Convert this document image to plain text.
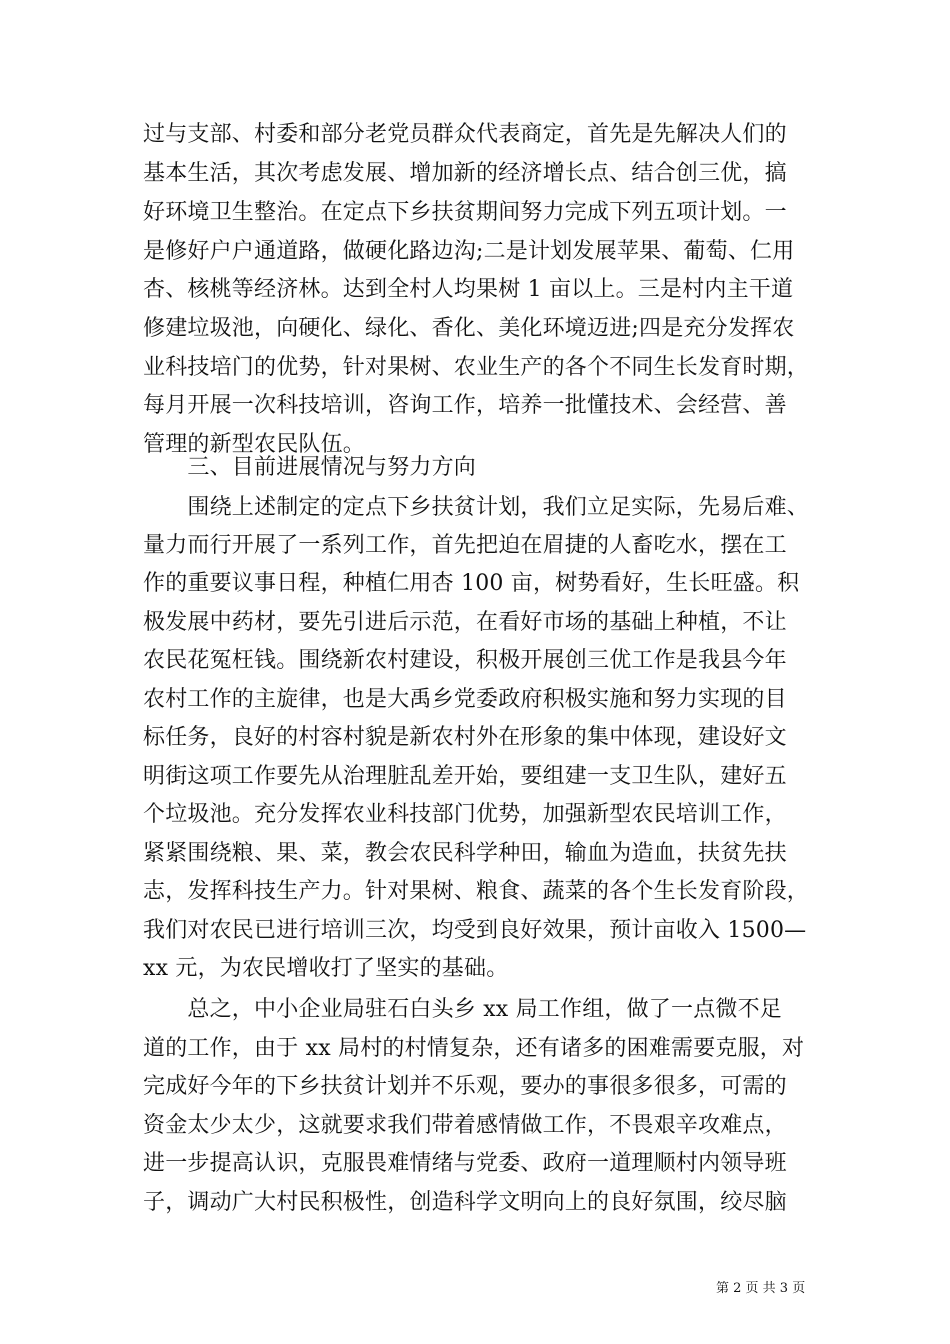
过与支部、村委和部分老党员群众代表商定，首先是先解决人们的
基本生活，其次考虑发展、增加新的经济增长点、结合创三优，搞
好环境卫生整治。在定点下乡扶贫期间努力完成下列五项计划。一
是修好户户通道路，做硬化路边沟;二是计划发展苹果、葡萄、仁用
杏、核桃等经济林。达到全村人均果树 1 亩以上。三是村内主干道
修建垃圾池，向硬化、绿化、香化、美化环境迈进;四是充分发挥农
业科技培门的优势，针对果树、农业生产的各个不同生长发育时期，
每月开展一次科技培训，咨询工作，培养一批懂技术、会经营、善
管理的新型农民队伍。
　　三、目前进展情况与努力方向
　　围绕上述制定的定点下乡扶贫计划，我们立足实际，先易后难、
量力而行开展了一系列工作，首先把迫在眉捷的人畜吃水，摆在工
作的重要议事日程，种植仁用杏 100 亩，树势看好，生长旺盛。积
极发展中药材，要先引进后示范，在看好市场的基础上种植，不让
农民花冤枉钱。围绕新农村建设，积极开展创三优工作是我县今年
农村工作的主旋律，也是大禹乡党委政府积极实施和努力实现的目
标任务，良好的村容村貌是新农村外在形象的集中体现，建设好文
明街这项工作要先从治理脏乱差开始，要组建一支卫生队，建好五
个垃圾池。充分发挥农业科技部门优势，加强新型农民培训工作，
紧紧围绕粮、果、菜，教会农民科学种田，输血为造血，扶贫先扶
志，发挥科技生产力。针对果树、粮食、蔬菜的各个生长发育阶段，
我们对农民已进行培训三次，均受到良好效果，预计亩收入 1500—
xx 元，为农民增收打了坚实的基础。
　　总之，中小企业局驻石白头乡 xx 局工作组，做了一点微不足
道的工作，由于 xx 局村的村情复杂，还有诸多的困难需要克服，对
完成好今年的下乡扶贫计划并不乐观，要办的事很多很多，可需的
资金太少太少，这就要求我们带着感情做工作，不畏艰辛攻难点，
进一步提高认识，克服畏难情绪与党委、政府一道理顺村内领导班
子，调动广大村民积极性，创造科学文明向上的良好氛围，绞尽脑
第 2 页 共 3 页
